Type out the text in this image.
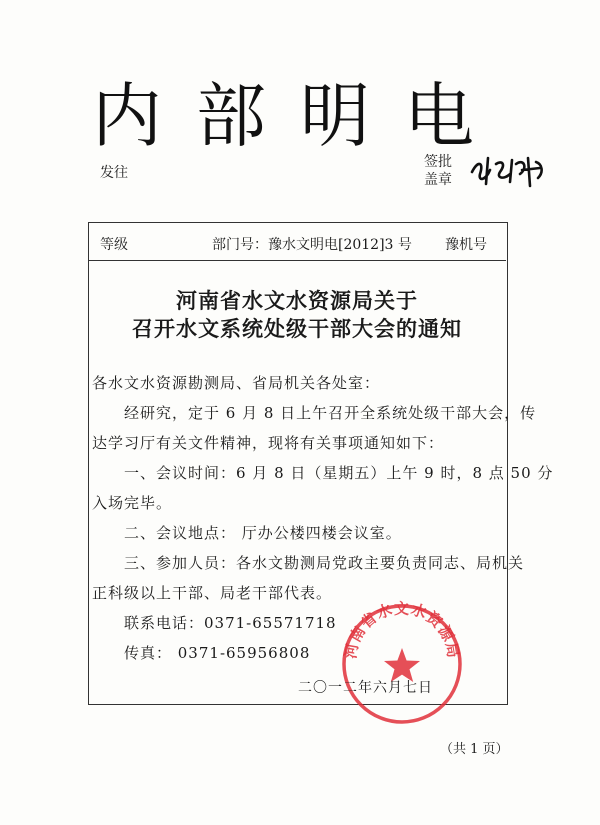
内部明电
发往
签批
盖章
等级	部门号：豫水文明电[2012]3 号 豫机号
河南省水文水资源局关于
召开水文系统处级干部大会的通知
各水文水资源勘测局、省局机关各处室：
经研究，定于 6 月 8 日上午召开全系统处级干部大会，传
达学习厅有关文件精神，现将有关事项通知如下：
一、会议时间：6 月 8 日（星期五）上午 9 时，8 点 50 分
入场完毕。
二、会议地点： 厅办公楼四楼会议室。
三、参加人员：各水文勘测局党政主要负责同志、局机关
正科级以上干部、局老干部代表。
联系电话：0371-65571718
传真： 0371-65956808 河南省水文水资源局
二〇一二年六月七日
（共 1 页）
